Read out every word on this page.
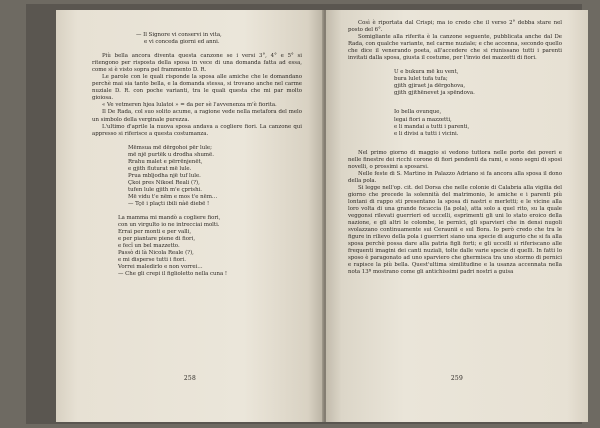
— Il Signore vi conservi in vita,
e vi conceda giorni ed anni.

Più bella ancora diventa questa canzone se i versi 3°, 4° e 5° si ritengono per risposta della sposa in vece di una domanda fatta ad essa, come si è visto sopra pel frammento D. R.

Le parole con le quali risponde la sposa alle amiche che le domandano perchè mai sia tanto bella, e la domanda stessa, si trovano anche nel carme nuziale D. R. con poche varianti, tra le quali questa che mi par molto gioiosa.

« Ve vetmeren hjea lulatoi » = da per sè l'avvenenza m'è fiorita.

Il De Rada, col suo solito acume, a ragione vede nella metafora del melo un simbolo della verginale purezza.

L'ultimo d'aprile la nuova sposa andava a cogliere fiori. La canzone qui appresso si riferisce a questa costumanza.

Mëmsua më dërgohoi për lule;
më një purtëk u drodha shumë.
Rrahu malet e përrënjenët,
e gjith fluturat më lule.
Prua mbljodha një tuf lule.
Çkoi pres Nikoel Reali (?),
tufen lule gjith m'e çprishi.
Më vidu t'e nëm e mos t'e nëm…
— Tçë i plaçti ibili nàë diebë !
La mamma mi mandò a cogliere fiori,
con un virgulto io ne intrecciai molti.
Errai per monti e per valli,
e per piantare piene di fiori,
e fecî un bel mazzetto.
Passò di là Nicola Reale (?),
e mi disperse tutti i fiori.
Vorrei maledirlo e non vorrei…
— Che gli crepi il figlioletto nella cuna !
258

Così è riportata dal Crispi; ma io credo che il verso 2° debba stare nel posto del 6°.

Somigliante alla riferita è la canzone seguente, pubblicata anche dal De Rada, con qualche variante, nel carme nuziale; e che accenna, secondo quello che dice il venerando poeta, all'accedere che si riunissano tutti i parenti invitati dalla sposa, giusta il costume, per l'invio dei mazzetti di fiori.

U e bukura më ku vent,
bura lulet tufa tufa;
gjith gjiraet ja dërgohova,
gjith gjithënevet ja spëndova.
Io bella ovunque,
legai fiori a mazzetti,
e li mandai a tutti i parenti,
e li divisi a tutti i vicini.

Nel primo giorno di maggio si vedono tuttora nelle porte dei poveri e nelle finestre dei ricchi corone di fiori pendenti da rami, e sono segni di sposi novelli, o prossimi a sposarsi.

Nelle feste di S. Martino in Palazzo Adriano si fa ancora alla sposa il dono della pola.

Si legge nell'op. cit. del Dorsa che nelle colonie di Calabria alla vigilia del giorno che precede la solennità del matrimonio, le amiche e i parenti più lontani di rappo sti presentano la sposa di nastri e merletti; e le vicine alla loro volta di una grande focaccia (la pola), atta solo a quel rito, su la quale veggonsi rilevati guerrieri ed uccelli, esprimenti gli uni lo stato eroico della nazione, e gli altri le colombe, le pernici, gli sparvieri che in densi nugoli svolazzano continuamente sui Ceraunii e sul Bora. Io però credo che tra le figure in rilievo della pola i guerrieri siano una specie di augurio che si fa alla sposa perchè possa dare alla patria figli forti; e gli uccelli si riferiscano alle frequenti imagini dei canti nuziali, tolte dalle varie specie di quelli. In fatti lo sposo è paragonato ad uno sparviero che ghermisca tra uno stormo di pernici e rapisce la più bella. Quest'ultima similitudine e la usanza accennata nella nota 13ª mostrano come gli antichissimi padri nostri a guisa

259
